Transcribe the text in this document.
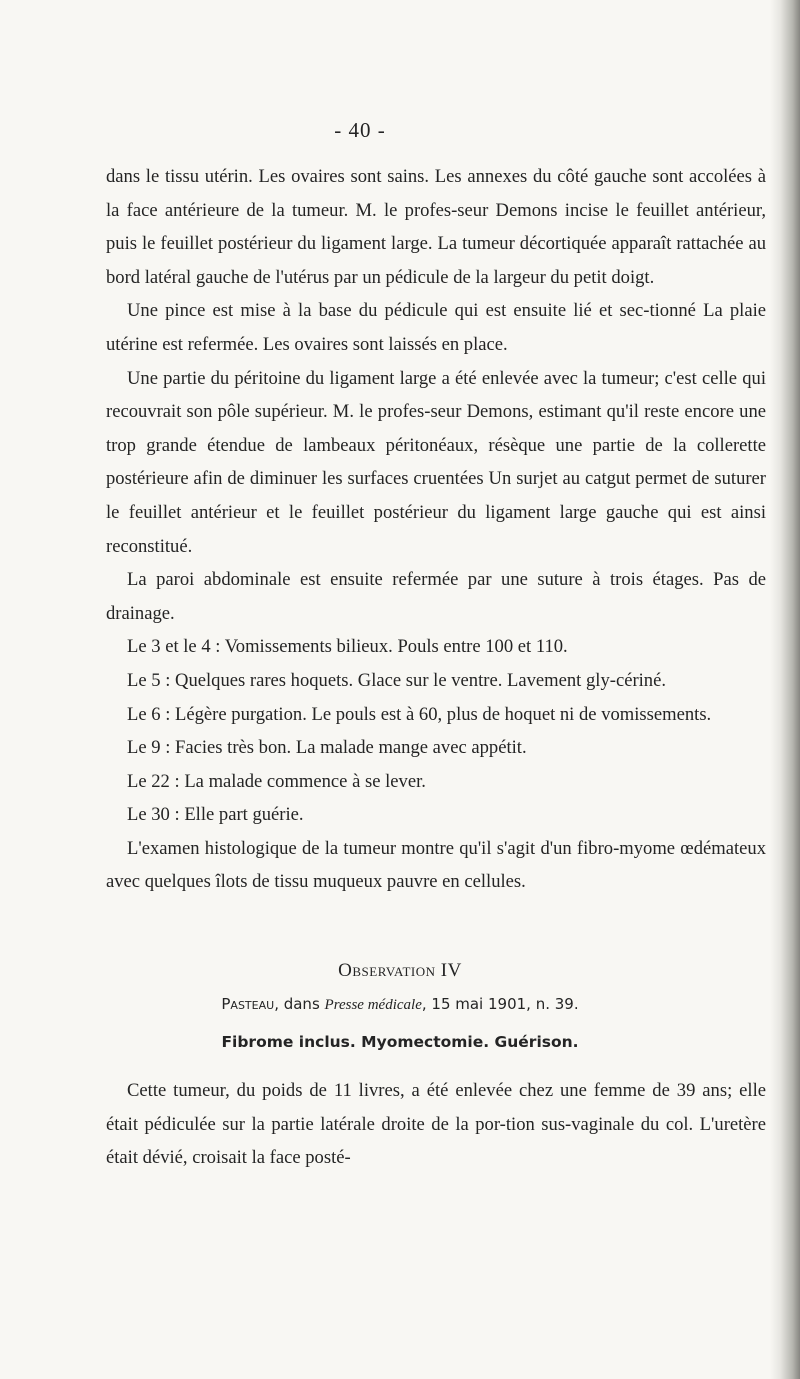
- 40 -

dans le tissu utérin. Les ovaires sont sains. Les annexes du côté gauche sont accolées à la face antérieure de la tumeur. M. le profes-seur Demons incise le feuillet antérieur, puis le feuillet postérieur du ligament large. La tumeur décortiquée apparaît rattachée au bord latéral gauche de l'utérus par un pédicule de la largeur du petit doigt.

Une pince est mise à la base du pédicule qui est ensuite lié et sec-tionné La plaie utérine est refermée. Les ovaires sont laissés en place.

Une partie du péritoine du ligament large a été enlevée avec la tumeur; c'est celle qui recouvrait son pôle supérieur. M. le profes-seur Demons, estimant qu'il reste encore une trop grande étendue de lambeaux péritonéaux, résèque une partie de la collerette postérieure afin de diminuer les surfaces cruentées Un surjet au catgut permet de suturer le feuillet antérieur et le feuillet postérieur du ligament large gauche qui est ainsi reconstitué.

La paroi abdominale est ensuite refermée par une suture à trois étages. Pas de drainage.

Le 3 et le 4 : Vomissements bilieux. Pouls entre 100 et 110.

Le 5 : Quelques rares hoquets. Glace sur le ventre. Lavement gly-cériné.

Le 6 : Légère purgation. Le pouls est à 60, plus de hoquet ni de vomissements.

Le 9 : Facies très bon. La malade mange avec appétit.

Le 22 : La malade commence à se lever.

Le 30 : Elle part guérie.

L'examen histologique de la tumeur montre qu'il s'agit d'un fibro-myome œdémateux avec quelques îlots de tissu muqueux pauvre en cellules.

Observation IV
Pasteau, dans Presse médicale, 15 mai 1901, n. 39.
Fibrome inclus. Myomectomie. Guérison.

Cette tumeur, du poids de 11 livres, a été enlevée chez une femme de 39 ans; elle était pédiculée sur la partie latérale droite de la por-tion sus-vaginale du col. L'uretère était dévié, croisait la face posté-
